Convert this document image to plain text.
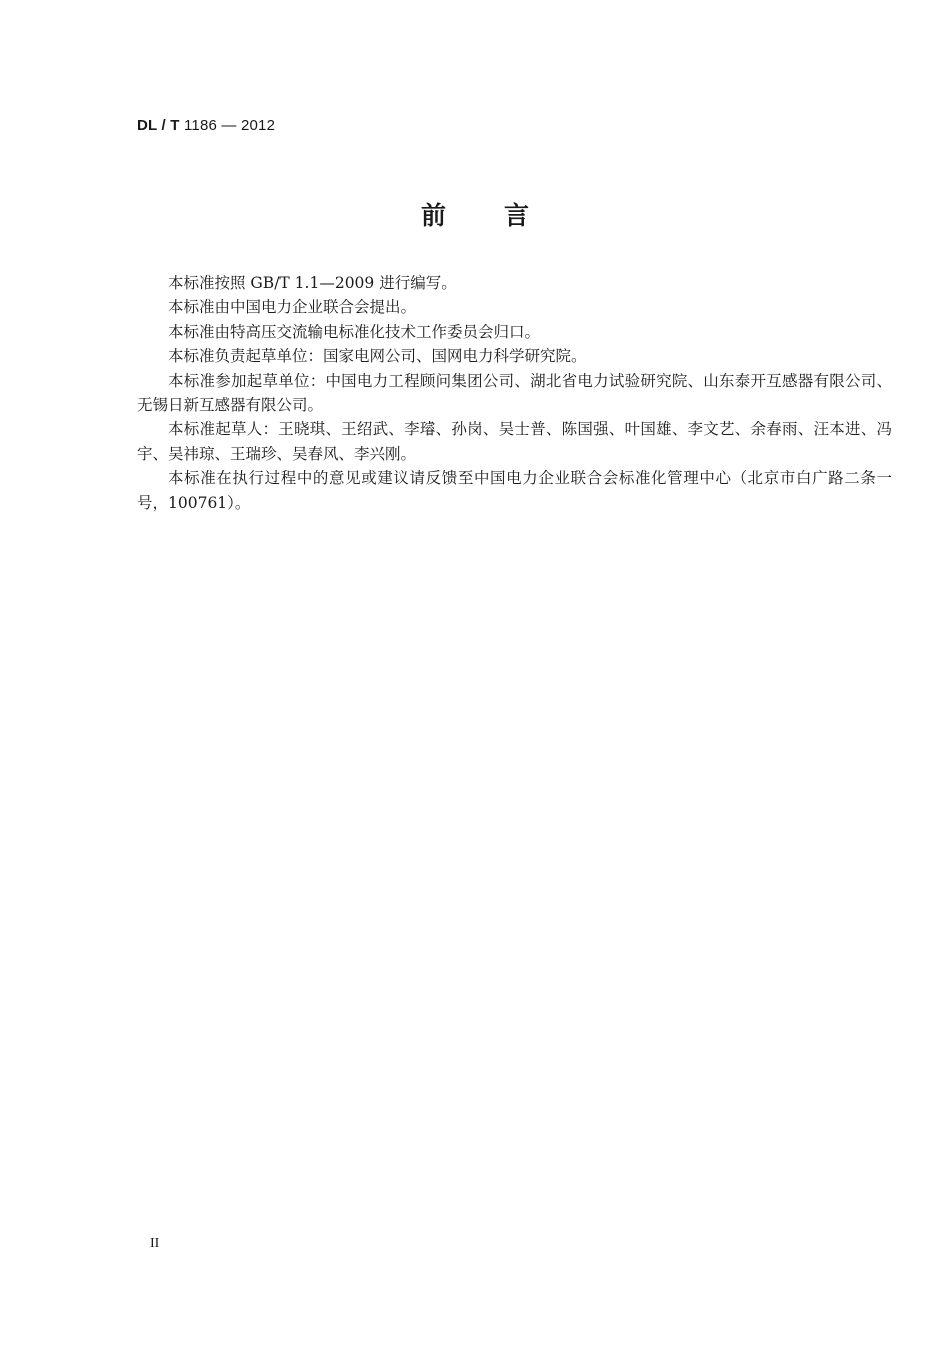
DL / T 1186 — 2012
前言

本标准按照 GB/T 1.1—2009 进行编写。

本标准由中国电力企业联合会提出。

本标准由特高压交流输电标准化技术工作委员会归口。

本标准负责起草单位：国家电网公司、国网电力科学研究院。

本标准参加起草单位：中国电力工程顾问集团公司、湖北省电力试验研究院、山东泰开互感器有限公司、无锡日新互感器有限公司。

本标准起草人：王晓琪、王绍武、李璿、孙岗、吴士普、陈国强、叶国雄、李文艺、余春雨、汪本进、冯宇、吴祎琼、王瑞珍、吴春风、李兴刚。

本标准在执行过程中的意见或建议请反馈至中国电力企业联合会标准化管理中心（北京市白广路二条一号，100761）。

II
